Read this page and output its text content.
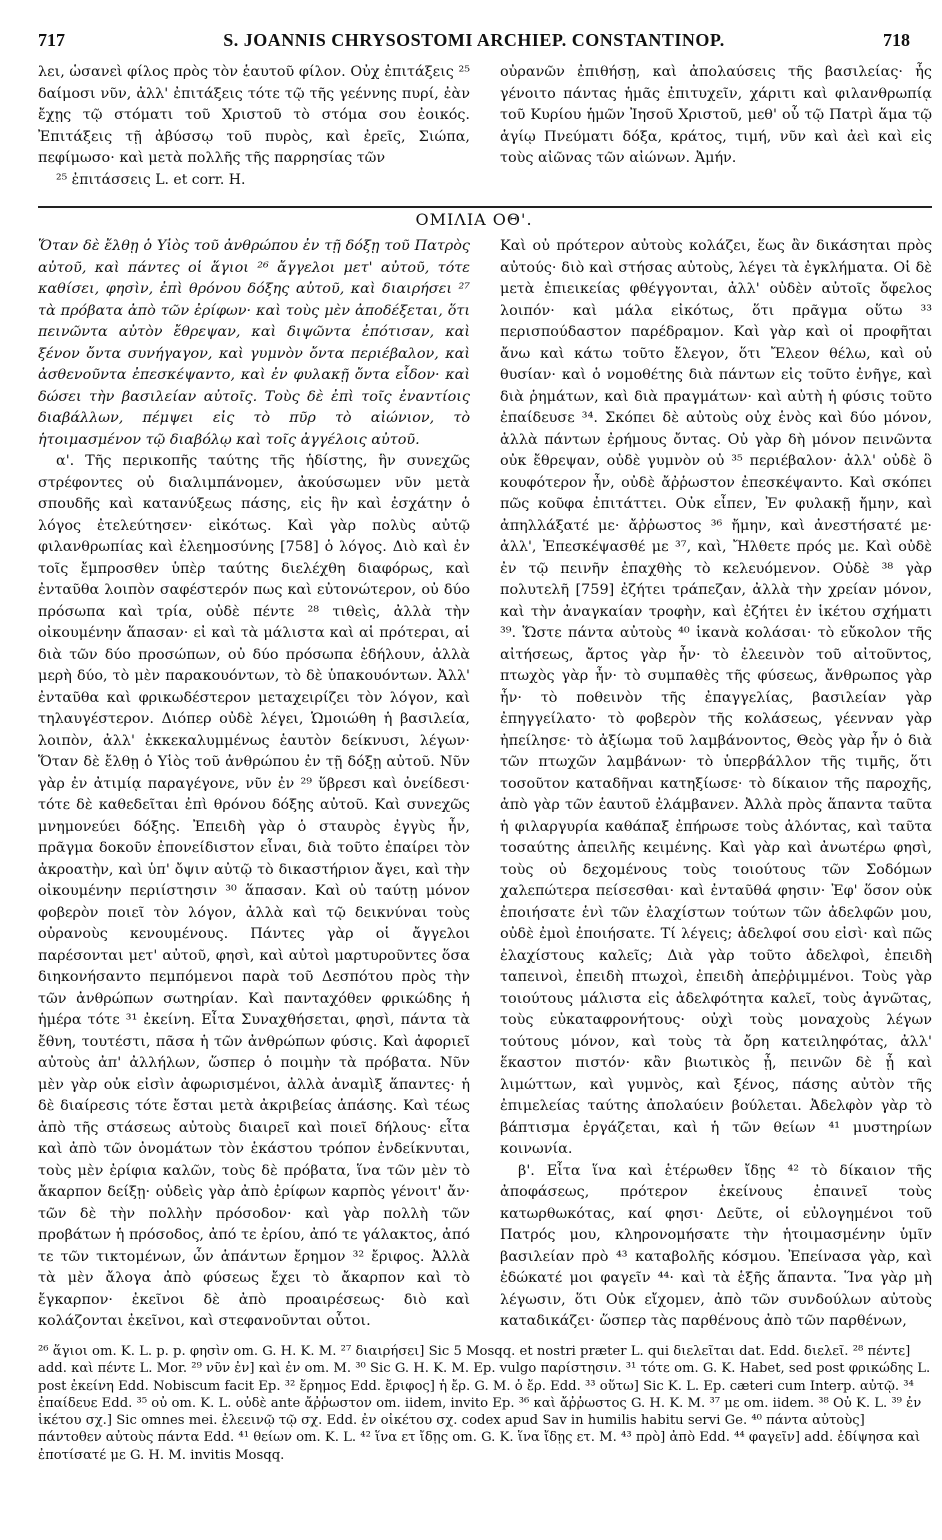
717	S. JOANNIS CHRYSOSTOMI ARCHIEP. CONSTANTINOP.	718

λει, ὡσανεὶ φίλος πρὸς τὸν ἑαυτοῦ φίλον. Οὐχ ἐπιτάξεις ²⁵ δαίμοσι νῦν, ἀλλ' ἐπιτάξεις τότε τῷ τῆς γεέννης πυρί, ἐὰν ἔχῃς τῷ στόματι τοῦ Χριστοῦ τὸ στόμα σου ἐοικός. Ἐπιτάξεις τῇ ἀβύσσῳ τοῦ πυρὸς, καὶ ἐρεῖς, Σιώπα, πεφίμωσο· καὶ μετὰ πολλῆς τῆς παρρησίας τῶν

²⁵ ἐπιτάσσεις L. et corr. H.

οὐρανῶν ἐπιθήσῃ, καὶ ἀπολαύσεις τῆς βασιλείας· ἧς γένοιτο πάντας ἡμᾶς ἐπιτυχεῖν, χάριτι καὶ φιλανθρωπίᾳ τοῦ Κυρίου ἡμῶν Ἰησοῦ Χριστοῦ, μεθ' οὗ τῷ Πατρὶ ἅμα τῷ ἁγίῳ Πνεύματι δόξα, κράτος, τιμή, νῦν καὶ ἀεὶ καὶ εἰς τοὺς αἰῶνας τῶν αἰώνων. Ἀμήν.

ΟΜΙΛΙΑ ΟΘ'.

Ὅταν δὲ ἔλθῃ ὁ Υἱὸς τοῦ ἀνθρώπου ἐν τῇ δόξῃ τοῦ Πατρὸς αὐτοῦ, καὶ πάντες οἱ ἅγιοι ²⁶ ἄγγελοι μετ' αὐτοῦ, τότε καθίσει, φησὶν, ἐπὶ θρόνου δόξης αὐτοῦ, καὶ διαιρήσει ²⁷ τὰ πρόβατα ἀπὸ τῶν ἐρίφων· καὶ τοὺς μὲν ἀποδέξεται, ὅτι πεινῶντα αὐτὸν ἔθρεψαν, καὶ διψῶντα ἐπότισαν, καὶ ξένον ὄντα συνήγαγον, καὶ γυμνὸν ὄντα περιέβαλον, καὶ ἀσθενοῦντα ἐπεσκέψαντο, καὶ ἐν φυλακῇ ὄντα εἶδον· καὶ δώσει τὴν βασιλείαν αὐτοῖς. Τοὺς δὲ ἐπὶ τοῖς ἐναντίοις διαβάλλων, πέμψει εἰς τὸ πῦρ τὸ αἰώνιον, τὸ ἡτοιμασμένον τῷ διαβόλῳ καὶ τοῖς ἀγγέλοις αὐτοῦ.

α'. Τῆς περικοπῆς ταύτης τῆς ἡδίστης, ἣν συνεχῶς στρέφοντες οὐ διαλιμπάνομεν, ἀκούσωμεν νῦν μετὰ σπουδῆς καὶ κατανύξεως πάσης, εἰς ἣν καὶ ἐσχάτην ὁ λόγος ἐτελεύτησεν· εἰκότως. Καὶ γὰρ πολὺς αὐτῷ φιλανθρωπίας καὶ ἐλεημοσύνης [758] ὁ λόγος. Διὸ καὶ ἐν τοῖς ἔμπροσθεν ὑπὲρ ταύτης διελέχθη διαφόρως, καὶ ἐνταῦθα λοιπὸν σαφέστερόν πως καὶ εὐτονώτερον, οὐ δύο πρόσωπα καὶ τρία, οὐδὲ πέντε ²⁸ τιθεὶς, ἀλλὰ τὴν οἰκουμένην ἅπασαν· εἰ καὶ τὰ μάλιστα καὶ αἱ πρότεραι, αἱ διὰ τῶν δύο προσώπων, οὐ δύο πρόσωπα ἐδήλουν, ἀλλὰ μερὴ δύο, τὸ μὲν παρακουόντων, τὸ δὲ ὑπακουόντων. Ἀλλ' ἐνταῦθα καὶ φρικωδέστερον μεταχειρίζει τὸν λόγον, καὶ τηλαυγέστερον. Διόπερ οὐδὲ λέγει, Ὡμοιώθη ἡ βασιλεία, λοιπὸν, ἀλλ' ἐκκεκαλυμμένως ἑαυτὸν δείκνυσι, λέγων· Ὅταν δὲ ἔλθῃ ὁ Υἱὸς τοῦ ἀνθρώπου ἐν τῇ δόξῃ αὐτοῦ. Νῦν γὰρ ἐν ἀτιμίᾳ παραγέγονε, νῦν ἐν ²⁹ ὕβρεσι καὶ ὀνείδεσι· τότε δὲ καθεδεῖται ἐπὶ θρόνου δόξης αὐτοῦ. Καὶ συνεχῶς μνημονεύει δόξης. Ἐπειδὴ γὰρ ὁ σταυρὸς ἐγγὺς ἦν, πρᾶγμα δοκοῦν ἐπονείδιστον εἶναι, διὰ τοῦτο ἐπαίρει τὸν ἀκροατὴν, καὶ ὑπ' ὄψιν αὐτῷ τὸ δικαστήριον ἄγει, καὶ τὴν οἰκουμένην περιίστησιν ³⁰ ἅπασαν. Καὶ οὐ ταύτῃ μόνον φοβερὸν ποιεῖ τὸν λόγον, ἀλλὰ καὶ τῷ δεικνύναι τοὺς οὐρανοὺς κενουμένους. Πάντες γὰρ οἱ ἄγγελοι παρέσονται μετ' αὐτοῦ, φησὶ, καὶ αὐτοὶ μαρτυροῦντες ὅσα διηκονήσαντο πεμπόμενοι παρὰ τοῦ Δεσπότου πρὸς τὴν τῶν ἀνθρώπων σωτηρίαν. Καὶ πανταχόθεν φρικώδης ἡ ἡμέρα τότε ³¹ ἐκείνη. Εἶτα Συναχθήσεται, φησὶ, πάντα τὰ ἔθνη, τουτέστι, πᾶσα ἡ τῶν ἀνθρώπων φύσις. Καὶ ἀφοριεῖ αὐτοὺς ἀπ' ἀλλήλων, ὥσπερ ὁ ποιμὴν τὰ πρόβατα. Νῦν μὲν γὰρ οὐκ εἰσὶν ἀφωρισμένοι, ἀλλὰ ἀναμὶξ ἅπαντες· ἡ δὲ διαίρεσις τότε ἔσται μετὰ ἀκριβείας ἁπάσης. Καὶ τέως ἀπὸ τῆς στάσεως αὐτοὺς διαιρεῖ καὶ ποιεῖ δήλους· εἶτα καὶ ἀπὸ τῶν ὀνομάτων τὸν ἑκάστου τρόπον ἐνδείκνυται, τοὺς μὲν ἐρίφια καλῶν, τοὺς δὲ πρόβατα, ἵνα τῶν μὲν τὸ ἄκαρπον δείξῃ· οὐδεὶς γὰρ ἀπὸ ἐρίφων καρπὸς γένοιτ' ἄν· τῶν δὲ τὴν πολλὴν πρόσοδον· καὶ γὰρ πολλὴ τῶν προβάτων ἡ πρόσοδος, ἀπό τε ἐρίου, ἀπό τε γάλακτος, ἀπό τε τῶν τικτομένων, ὧν ἁπάντων ἔρημον ³² ἔριφος. Ἀλλὰ τὰ μὲν ἄλογα ἀπὸ φύσεως ἔχει τὸ ἄκαρπον καὶ τὸ ἔγκαρπον· ἐκεῖνοι δὲ ἀπὸ προαιρέσεως· διὸ καὶ κολάζονται ἐκεῖνοι, καὶ στεφανοῦνται οὗτοι.

Καὶ οὐ πρότερον αὐτοὺς κολάζει, ἕως ἂν δικάσηται πρὸς αὐτούς· διὸ καὶ στήσας αὐτοὺς, λέγει τὰ ἐγκλήματα. Οἱ δὲ μετὰ ἐπιεικείας φθέγγονται, ἀλλ' οὐδὲν αὐτοῖς ὄφελος λοιπόν· καὶ μάλα εἰκότως, ὅτι πρᾶγμα οὕτω ³³ περισπούδαστον παρέδραμον. Καὶ γὰρ καὶ οἱ προφῆται ἄνω καὶ κάτω τοῦτο ἔλεγον, ὅτι Ἔλεον θέλω, καὶ οὐ θυσίαν· καὶ ὁ νομοθέτης διὰ πάντων εἰς τοῦτο ἐνῆγε, καὶ διὰ ῥημάτων, καὶ διὰ πραγμάτων· καὶ αὐτὴ ἡ φύσις τοῦτο ἐπαίδευσε ³⁴. Σκόπει δὲ αὐτοὺς οὐχ ἑνὸς καὶ δύο μόνον, ἀλλὰ πάντων ἐρήμους ὄντας. Οὐ γὰρ δὴ μόνον πεινῶντα οὐκ ἔθρεψαν, οὐδὲ γυμνὸν οὐ ³⁵ περιέβαλον· ἀλλ' οὐδὲ ὃ κουφότερον ἦν, οὐδὲ ἄῤῥωστον ἐπεσκέψαντο. Καὶ σκόπει πῶς κοῦφα ἐπιτάττει. Οὐκ εἶπεν, Ἐν φυλακῇ ἤμην, καὶ ἀπηλλάξατέ με· ἄῤῥωστος ³⁶ ἤμην, καὶ ἀνεστήσατέ με· ἀλλ', Ἐπεσκέψασθέ με ³⁷, καὶ, Ἤλθετε πρός με. Καὶ οὐδὲ ἐν τῷ πεινῆν ἐπαχθὴς τὸ κελευόμενον. Οὐδὲ ³⁸ γὰρ πολυτελῆ [759] ἐζήτει τράπεζαν, ἀλλὰ τὴν χρείαν μόνον, καὶ τὴν ἀναγκαίαν τροφὴν, καὶ ἐζήτει ἐν ἱκέτου σχήματι ³⁹. Ὥστε πάντα αὐτοὺς ⁴⁰ ἱκανὰ κολάσαι· τὸ εὔκολον τῆς αἰτήσεως, ἄρτος γὰρ ἦν· τὸ ἐλεεινὸν τοῦ αἰτοῦντος, πτωχὸς γὰρ ἦν· τὸ συμπαθὲς τῆς φύσεως, ἄνθρωπος γὰρ ἦν· τὸ ποθεινὸν τῆς ἐπαγγελίας, βασιλείαν γὰρ ἐπηγγείλατο· τὸ φοβερὸν τῆς κολάσεως, γέενναν γὰρ ἠπείλησε· τὸ ἀξίωμα τοῦ λαμβάνοντος, Θεὸς γὰρ ἦν ὁ διὰ τῶν πτωχῶν λαμβάνων· τὸ ὑπερβάλλον τῆς τιμῆς, ὅτι τοσοῦτον καταδῆναι κατηξίωσε· τὸ δίκαιον τῆς παροχῆς, ἀπὸ γὰρ τῶν ἑαυτοῦ ἐλάμβανεν. Ἀλλὰ πρὸς ἅπαντα ταῦτα ἡ φιλαργυρία καθάπαξ ἐπήρωσε τοὺς ἁλόντας, καὶ ταῦτα τοσαύτης ἀπειλῆς κειμένης. Καὶ γὰρ καὶ ἀνωτέρω φησὶ, τοὺς οὐ δεχομένους τοὺς τοιούτους τῶν Σοδόμων χαλεπώτερα πείσεσθαι· καὶ ἐνταῦθά φησιν· Ἐφ' ὅσον οὐκ ἐποιήσατε ἑνὶ τῶν ἐλαχίστων τούτων τῶν ἀδελφῶν μου, οὐδὲ ἐμοὶ ἐποιήσατε. Τί λέγεις; ἀδελφοί σου εἰσὶ· καὶ πῶς ἐλαχίστους καλεῖς; Διὰ γὰρ τοῦτο ἀδελφοὶ, ἐπειδὴ ταπεινοὶ, ἐπειδὴ πτωχοὶ, ἐπειδὴ ἀπεῤῥιμμένοι. Τοὺς γὰρ τοιούτους μάλιστα εἰς ἀδελφότητα καλεῖ, τοὺς ἀγνῶτας, τοὺς εὐκαταφρονήτους· οὐχὶ τοὺς μοναχοὺς λέγων τούτους μόνον, καὶ τοὺς τὰ ὄρη κατειληφότας, ἀλλ' ἕκαστον πιστόν· κἂν βιωτικὸς ᾖ, πεινῶν δὲ ᾖ καὶ λιμώττων, καὶ γυμνὸς, καὶ ξένος, πάσης αὐτὸν τῆς ἐπιμελείας ταύτης ἀπολαύειν βούλεται. Ἀδελφὸν γὰρ τὸ βάπτισμα ἐργάζεται, καὶ ἡ τῶν θείων ⁴¹ μυστηρίων κοινωνία.

β'. Εἶτα ἵνα καὶ ἑτέρωθεν ἴδῃς ⁴² τὸ δίκαιον τῆς ἀποφάσεως, πρότερον ἐκείνους ἐπαινεῖ τοὺς κατωρθωκότας, καί φησι· Δεῦτε, οἱ εὐλογημένοι τοῦ Πατρός μου, κληρονομήσατε τὴν ἡτοιμασμένην ὑμῖν βασιλείαν πρὸ ⁴³ καταβολῆς κόσμου. Ἐπείνασα γὰρ, καὶ ἐδώκατέ μοι φαγεῖν ⁴⁴· καὶ τὰ ἑξῆς ἅπαντα. Ἵνα γὰρ μὴ λέγωσιν, ὅτι Οὐκ εἴχομεν, ἀπὸ τῶν συνδούλων αὐτοὺς καταδικάζει· ὥσπερ τὰς παρθένους ἀπὸ τῶν παρθένων,

²⁶ ἅγιοι om. K. L. p. p. φησὶν om. G. H. K. M. ²⁷ διαιρήσει] Sic 5 Mosqq. et nostri præter L. qui διελεῖται dat. Edd. διελεῖ. ²⁸ πέντε] add. καὶ πέντε L. Mor. ²⁹ νῦν ἐν] καὶ ἐν om. M. ³⁰ Sic G. H. K. M. Ep. vulgo παρίστησιν. ³¹ τότε om. G. K. Habet, sed post φρικώδης L. post ἐκείνη Edd. Nobiscum facit Ep. ³² ἔρημος Edd. ἔριφος] ἡ ἔρ. G. M. ὁ ἔρ. Edd. ³³ οὕτω] Sic K. L. Ep. cæteri cum Interp. αὐτῷ. ³⁴ ἐπαίδευε Edd. ³⁵ οὐ om. K. L. οὐδὲ ante ἄῤῥωστον om. iidem, invito Ep. ³⁶ καὶ ἄῤῥωστος G. H. K. M. ³⁷ με om. iidem. ³⁸ Οὐ K. L. ³⁹ ἐν ἱκέτου σχ.] Sic omnes mei. ἐλεεινῷ τῷ σχ. Edd. ἐν οἰκέτου σχ. codex apud Sav in humilis habitu servi Ge. ⁴⁰ πάντα αὐτοὺς] πάντοθεν αὐτοὺς πάντα Edd. ⁴¹ θείων om. K. L. ⁴² ἵνα ετ ἴδῃς om. G. K. ἵνα ἴδῃς ετ. M. ⁴³ πρὸ] ἀπὸ Edd. ⁴⁴ φαγεῖν] add. ἐδίψησα καὶ ἐποτίσατέ με G. H. M. invitis Mosqq.
